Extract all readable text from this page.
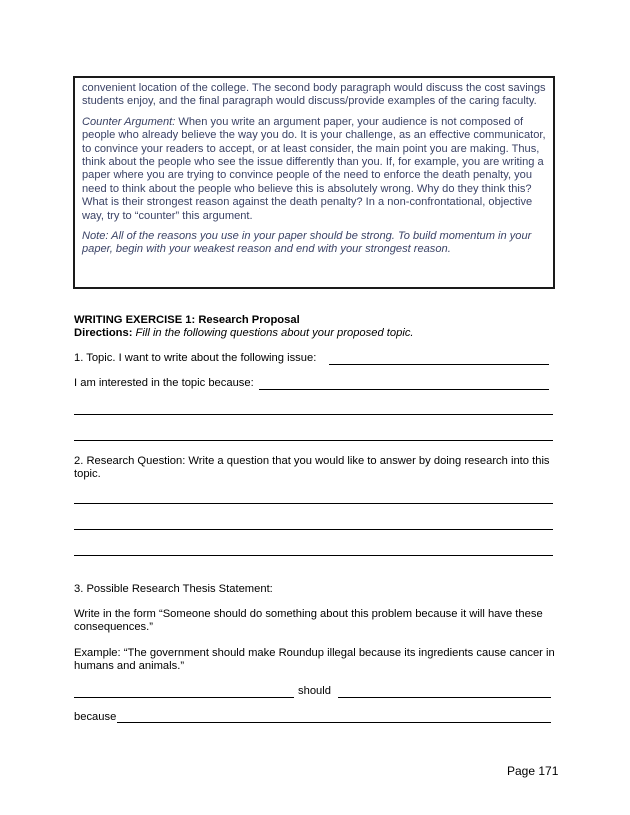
convenient location of the college. The second body paragraph would discuss the cost savings students enjoy, and the final paragraph would discuss/provide examples of the caring faculty.

Counter Argument: When you write an argument paper, your audience is not composed of people who already believe the way you do. It is your challenge, as an effective communicator, to convince your readers to accept, or at least consider, the main point you are making. Thus, think about the people who see the issue differently than you. If, for example, you are writing a paper where you are trying to convince people of the need to enforce the death penalty, you need to think about the people who believe this is absolutely wrong. Why do they think this? What is their strongest reason against the death penalty? In a non-confrontational, objective way, try to “counter” this argument.

Note: All of the reasons you use in your paper should be strong. To build momentum in your paper, begin with your weakest reason and end with your strongest reason.

WRITING EXERCISE 1: Research Proposal
Directions: Fill in the following questions about your proposed topic.
1. Topic. I want to write about the following issue:
I am interested in the topic because:
2. Research Question: Write a question that you would like to answer by doing research into this topic.
3. Possible Research Thesis Statement:
Write in the form “Someone should do something about this problem because it will have these consequences.”
Example: “The government should make Roundup illegal because its ingredients cause cancer in humans and animals.”
should
because
Page 171
